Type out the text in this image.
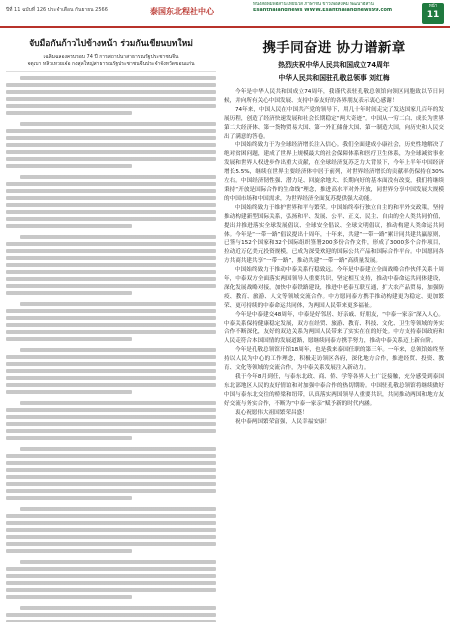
ปีที่ 11 ฉบับที่ 126 ประจำเดือน กันยายน 2566	泰国东北程社中心
หนังสือพิมพ์อีสานไทยนิวส์ ภาษาจีน ข่าวเพื่อสังคม พัฒนาอีสาน
Esanthaiandnews WWW.Esanthaiandnews99.com	หน้า
11
จับมือกันก้าวไปข้างหน้า ร่วมกันเขียนบทใหม่
เฉลิมฉลองครบรอบ 74 ปี การสถาปนาสาธารณรัฐประชาชนจีน
จตุเบา หลิวเหวยเจ๋อ กงสุลใหญ่สาธารณรัฐประชาชนจีนประจำจังหวัดขอนแก่น
携手同奋进 协力谱新章
热烈庆祝中华人民共和国成立74周年
中华人民共和国驻孔敬总领事 刘红梅

今年是中华人民共和国成立74周年，我谨代表驻孔敬总领馆向领区同胞致以节日问候，并向所有关心中国发展、支持中泰友好的各界朋友表示衷心感谢！

74年来，中国人民在中国共产党的领导下，用几十年时间走完了发达国家几百年的发展历程，创造了经济快速发展和社会长期稳定“两大奇迹”。中国从一穷二白、成长为世界第二大经济体、第一货物贸易大国、第一外汇储备大国、第一制造大国，向历史和人民交出了满意的答卷。

中国始终致力于为全球经济增长注入信心。我们全面建成小康社会，历史性地解决了绝对贫困问题，建成了世界上规模最大的社会保障体系和医疗卫生体系，为全球减贫事业发展和世界人权进步作出重大贡献，在全球经济复苏乏力大背景下，今年上半年中国经济增长5.5%，继续在世界主要经济体中居于前列，对世界经济增长的贡献率仍保持在30%左右。中国经济韧性强、潜力足、回旋余地大、长期向好的基本面没有改变，我们将继续秉持“开放是国际合作的生命线”理念，推进高水平对外开放，同世界分享中国发展大规模的中国市场和中国需求，为世界经济全面复苏提供强大动能。

中国始终致力于维护世界和平与繁荣。中国始终奉行独立自主的和平外交政策，坚持推动构建新型国际关系，弘扬和平、发展、公平、正义、民主、自由的全人类共同价值，提出并推进落实全球发展倡议、全球安全倡议、全球文明倡议，推动构建人类命运共同体。今年是“一带一路”倡议提出十周年，十年来，共建“一带一路”累计同共建共赢原则，已签与152个国家和32个国际组织签署200多份合作文件，形成了3000多个合作项目，拉动近万亿美元投资规模，已成为深受欢迎的国际公共产品和国际合作平台。中国愿同各方共商共建共享“一带一路”，推动共建“一带一路”高质量发展。

中国始终致力于推动中泰关系行稳致远。今年是中泰建立全面战略合作伙伴关系十周年，中泰双方全面落实两国领导人重要共识，坚定相互支持，推动中泰命运共同体建设，深化发展战略对接，加快中泰铁路建设，推进中老泰互联互通，扩大农产品贸易，加强防疫、教育、旅游、人文等领域交流合作。中方愿同泰方携手推动构建更为稳定、更加繁荣、更可持续的中泰命运共同体，为两国人民带来更多福祉。

今年是中泰建交48周年，中泰是好邻居、好亲戚、好朋友，“中泰一家亲”深入人心。中泰关系保持健康稳定发展，双方在经贸、旅游、教育、科技、文化、卫生等领域的务实合作不断深化，友好的双边关系为两国人民带来了实实在在的好处。中方支持泰国政府和人民走符合本国国情的发展道路，愿继续同泰方携手努力，推动中泰关系迈上新台阶。

今年是孔敬总领馆开馆18周年，也是我来泰国任职的第三年。一年来，总领馆始终坚持以人民为中心的工作理念，积极走访领区各府，深化地方合作，推进经贸、投资、教育、文化等领域的交流合作，为中泰关系发展注入新动力。

我于今年8月到任，与泰东北政、商、侨、学等各界人士广泛接触，充分感受到泰国东北部地区人民的友好情谊和对加强中泰合作的热切期盼。中国驻孔敬总领馆将继续做好中国与泰东北交往的桥梁和纽带，认真落实两国领导人重要共识，共同推动两国和地方友好交流与务实合作，不断为“中泰一家亲”赋予新的时代内涵。

衷心祝愿伟大祖国繁荣昌盛！

祝中泰两国繁荣富强，人民幸福安康！
